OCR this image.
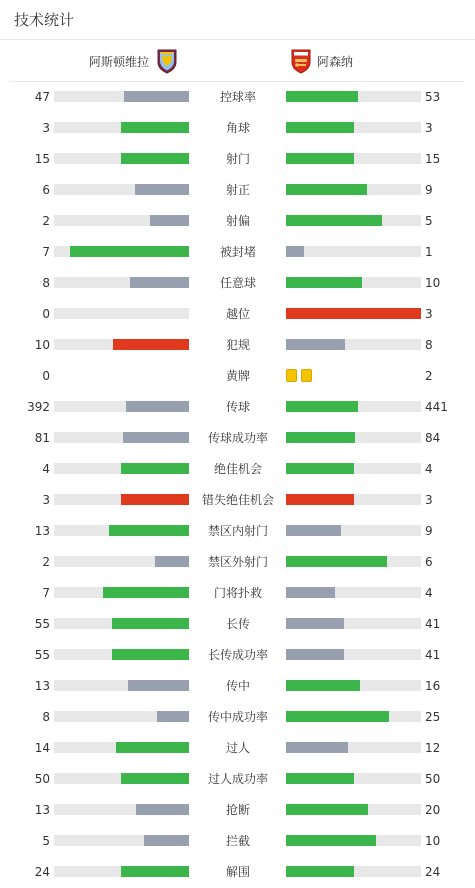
技术统计
阿斯顿维拉	阿森纳
47	控球率	53
3	角球	3
15	射门	15
6	射正	9
2	射偏	5
7	被封堵	1
8	任意球	10
0	越位	3
10	犯规	8
0	黄牌	2
392	传球	441
81	传球成功率	84
4	绝佳机会	4
3	错失绝佳机会	3
13	禁区内射门	9
2	禁区外射门	6
7	门将扑救	4
55	长传	41
55	长传成功率	41
13	传中	16
8	传中成功率	25
14	过人	12
50	过人成功率	50
13	抢断	20
5	拦截	10
24	解围	24
